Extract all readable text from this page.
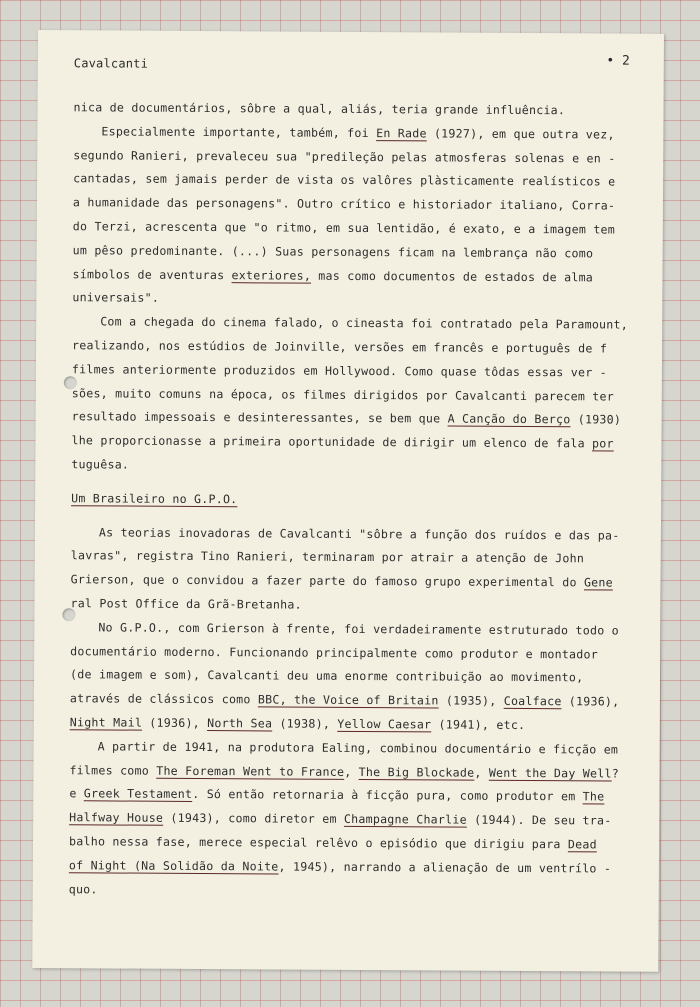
Cavalcanti	• 2
nica de documentários, sôbre a qual, aliás, teria grande influência.
Especialmente importante, também, foi En Rade (1927), em que outra vez,
segundo Ranieri, prevaleceu sua "predileção pelas atmosferas solenas e en -
cantadas, sem jamais perder de vista os valôres plàsticamente realísticos e
a humanidade das personagens". Outro crítico e historiador italiano, Corra-
do Terzi, acrescenta que "o ritmo, em sua lentidão, é exato, e a imagem tem
um pêso predominante. (...) Suas personagens ficam na lembrança não como
símbolos de aventuras exteriores, mas como documentos de estados de alma
universais".
Com a chegada do cinema falado, o cineasta foi contratado pela Paramount,
realizando, nos estúdios de Joinville, versões em francês e português de f
filmes anteriormente produzidos em Hollywood. Como quase tôdas essas ver -
sões, muito comuns na época, os filmes dirigidos por Cavalcanti parecem ter
resultado impessoais e desinteressantes, se bem que A Canção do Berço (1930)
lhe proporcionasse a primeira oportunidade de dirigir um elenco de fala por
tuguêsa.
Um Brasileiro no G.P.O.
As teorias inovadoras de Cavalcanti "sôbre a função dos ruídos e das pa-
lavras", registra Tino Ranieri, terminaram por atrair a atenção de John
Grierson, que o convidou a fazer parte do famoso grupo experimental do Gene
ral Post Office da Grã-Bretanha.
No G.P.O., com Grierson à frente, foi verdadeiramente estruturado todo o
documentário moderno. Funcionando principalmente como produtor e montador
(de imagem e som), Cavalcanti deu uma enorme contribuição ao movimento,
através de clássicos como BBC, the Voice of Britain (1935), Coalface (1936),
Night Mail (1936), North Sea (1938), Yellow Caesar (1941), etc.
A partir de 1941, na produtora Ealing, combinou documentário e ficção em
filmes como The Foreman Went to France, The Big Blockade, Went the Day Well?
e Greek Testament. Só então retornaria à ficção pura, como produtor em The
Halfway House (1943), como diretor em Champagne Charlie (1944). De seu tra-
balho nessa fase, merece especial relêvo o episódio que dirigiu para Dead
of Night (Na Solidão da Noite, 1945), narrando a alienação de um ventrílo -
quo.
